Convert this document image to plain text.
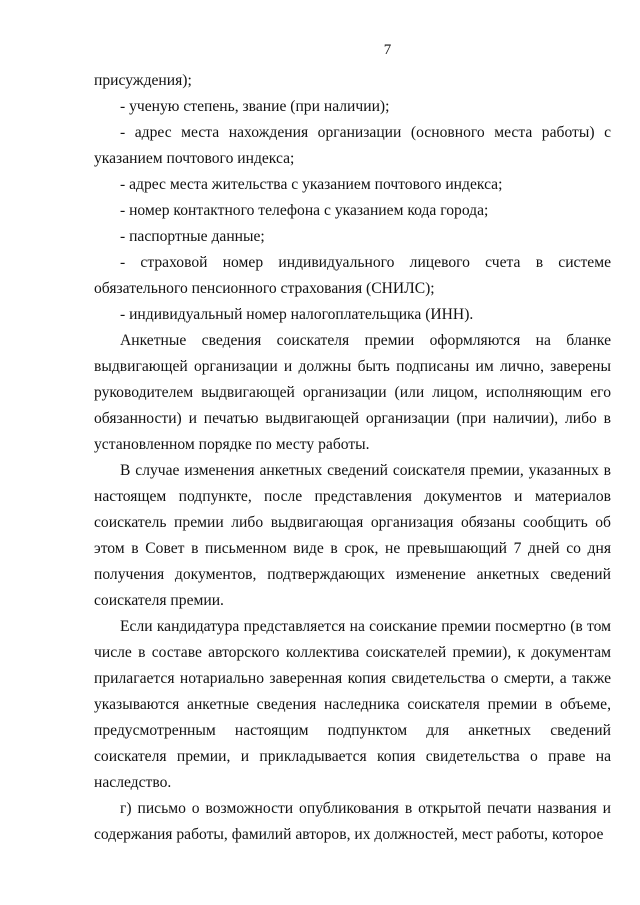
7

присуждения);

- ученую степень, звание (при наличии);

- адрес места нахождения организации (основного места работы) с указанием почтового индекса;

- адрес места жительства с указанием почтового индекса;

- номер контактного телефона с указанием кода города;

- паспортные данные;

- страховой номер индивидуального лицевого счета в системе обязательного пенсионного страхования (СНИЛС);

- индивидуальный номер налогоплательщика (ИНН).

Анкетные сведения соискателя премии оформляются на бланке выдвигающей организации и должны быть подписаны им лично, заверены руководителем выдвигающей организации (или лицом, исполняющим его обязанности) и печатью выдвигающей организации (при наличии), либо в установленном порядке по месту работы.

В случае изменения анкетных сведений соискателя премии, указанных в настоящем подпункте, после представления документов и материалов соискатель премии либо выдвигающая организация обязаны сообщить об этом в Совет в письменном виде в срок, не превышающий 7 дней со дня получения документов, подтверждающих изменение анкетных сведений соискателя премии.

Если кандидатура представляется на соискание премии посмертно (в том числе в составе авторского коллектива соискателей премии), к документам прилагается нотариально заверенная копия свидетельства о смерти, а также указываются анкетные сведения наследника соискателя премии в объеме, предусмотренным настоящим подпунктом для анкетных сведений соискателя премии, и прикладывается копия свидетельства о праве на наследство.

г) письмо о возможности опубликования в открытой печати названия и содержания работы, фамилий авторов, их должностей, мест работы, которое
